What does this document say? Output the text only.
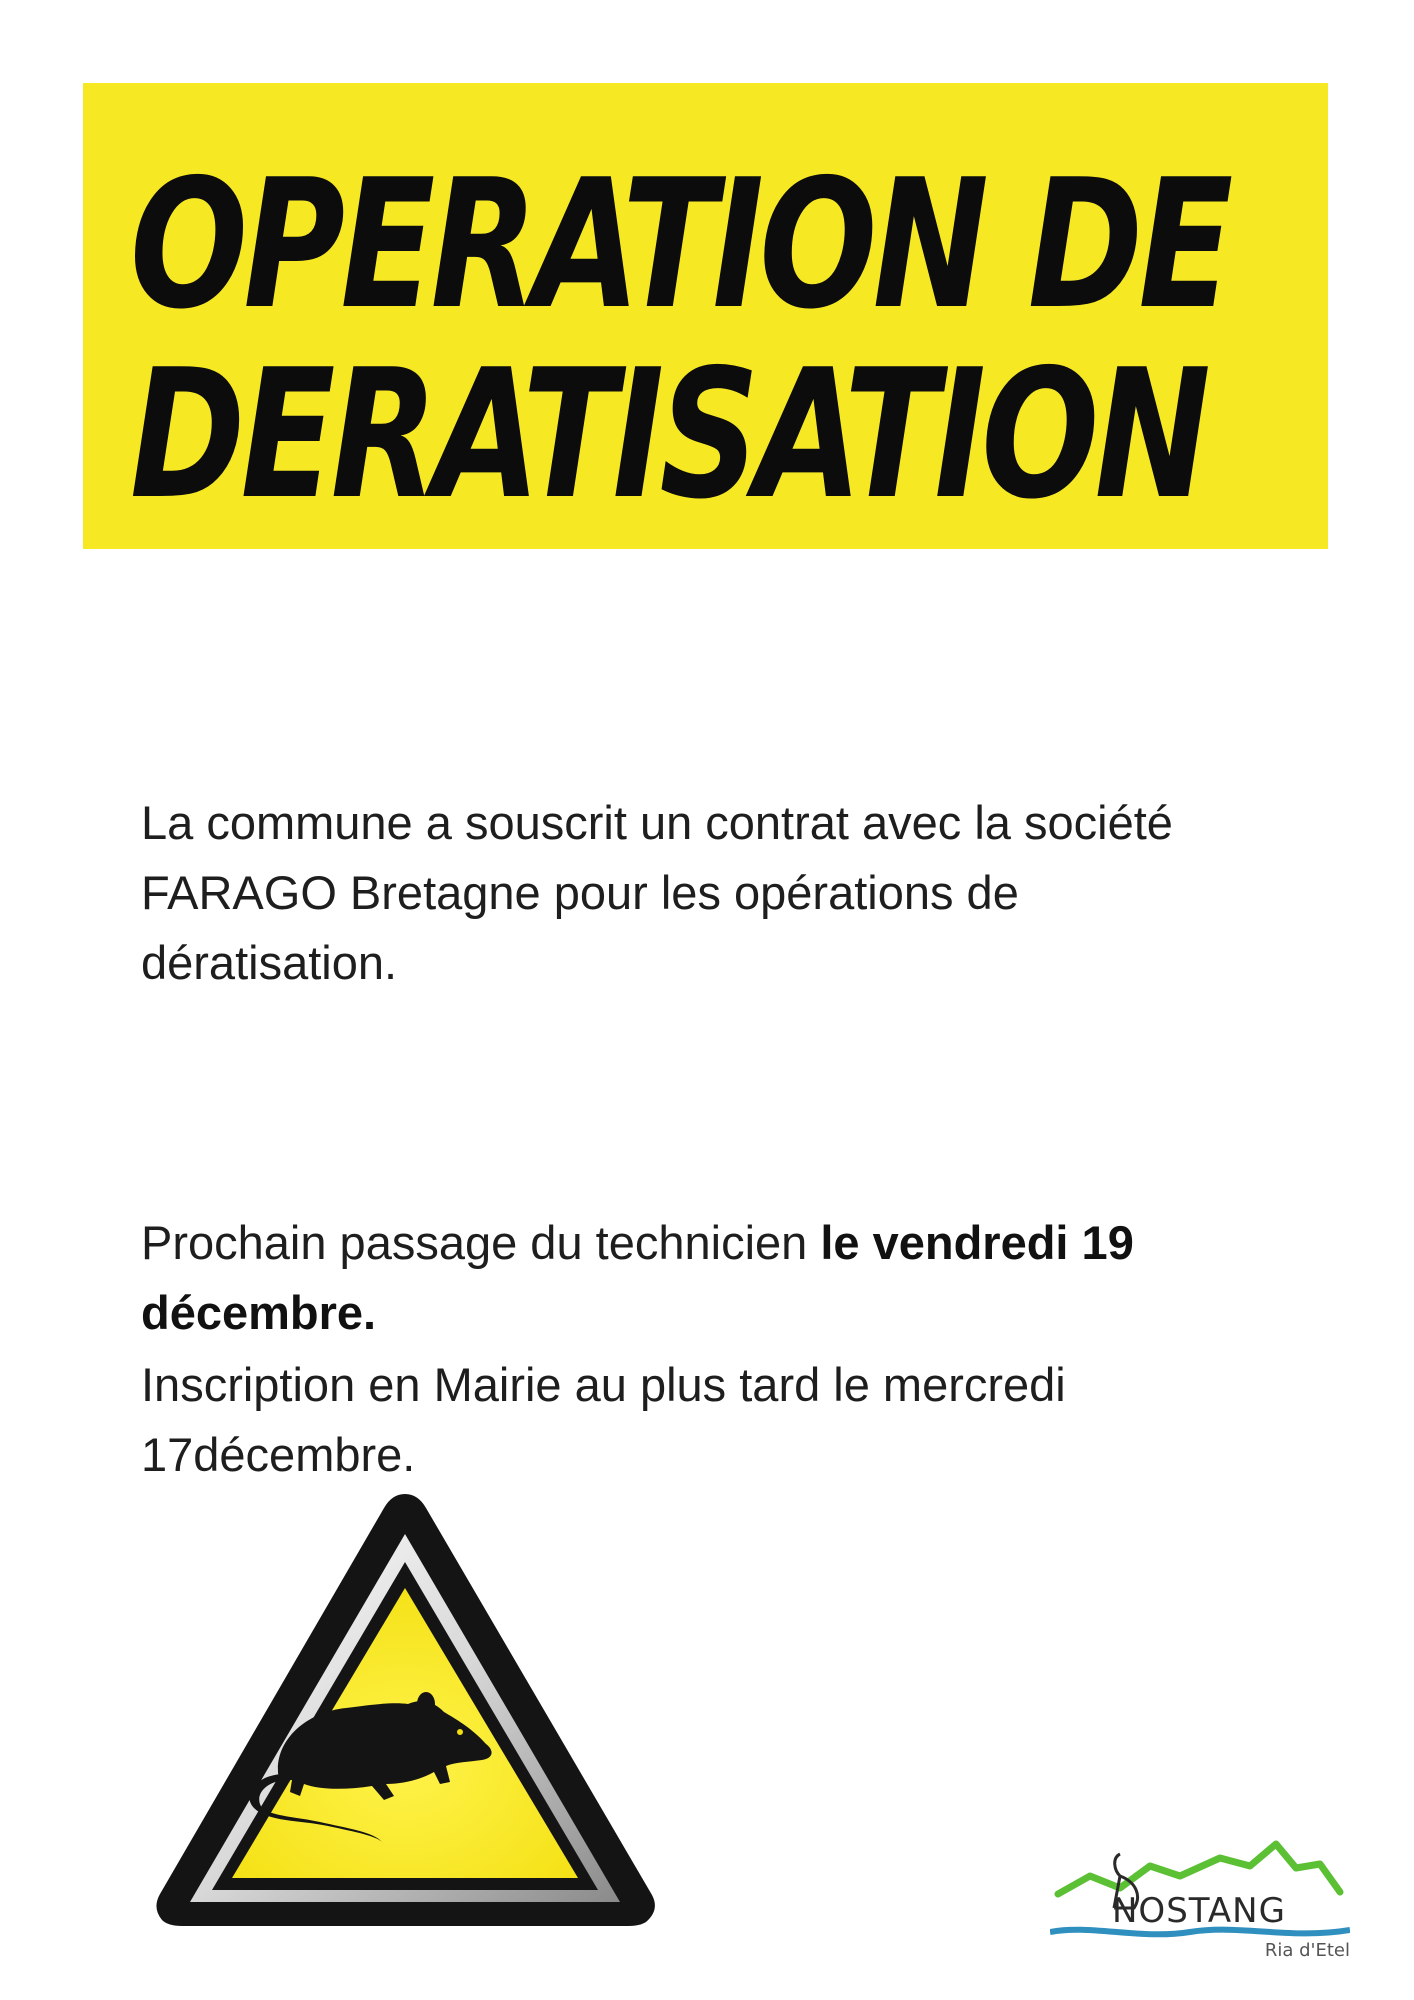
OPERATION DE
DERATISATION

La commune a souscrit un contrat avec la société
FARAGO Bretagne pour les opérations de
dératisation.

Prochain passage du technicien le vendredi 19
décembre.

Inscription en Mairie au plus tard le mercredi
17décembre.

NOSTANG
Ria d'Etel
